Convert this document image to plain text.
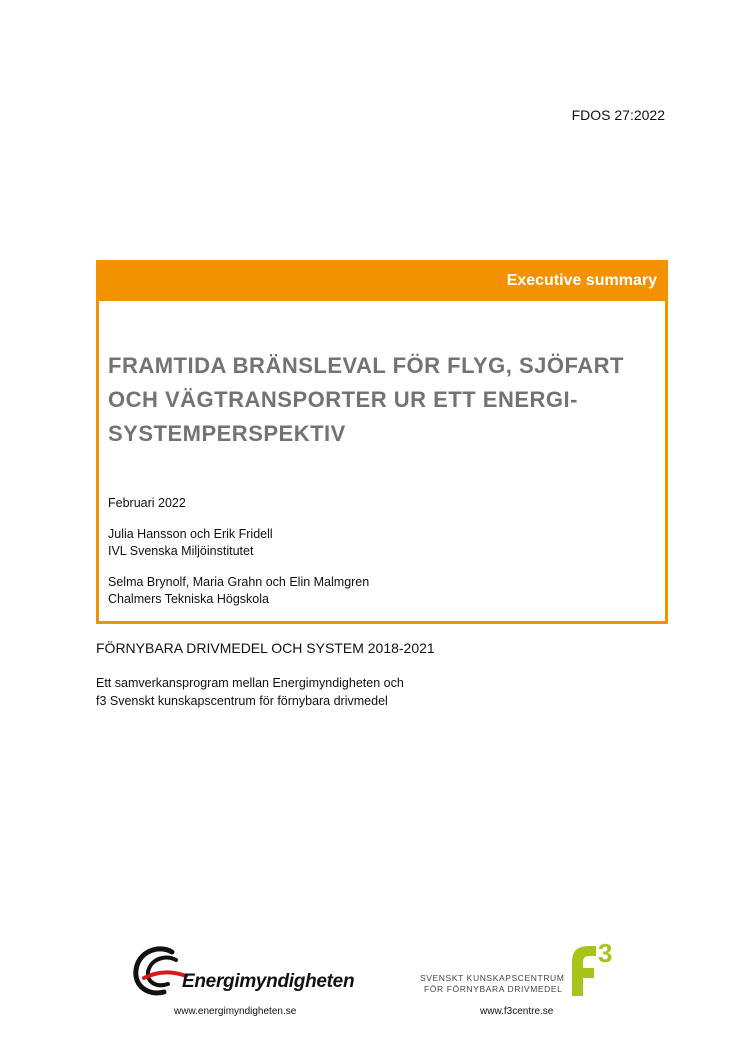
FDOS 27:2022
Executive summary
FRAMTIDA BRÄNSLEVAL FÖR FLYG, SJÖFART
OCH VÄGTRANSPORTER UR ETT ENERGI-
SYSTEMPERSPEKTIV
Februari 2022
Julia Hansson och Erik Fridell
IVL Svenska Miljöinstitutet
Selma Brynolf, Maria Grahn och Elin Malmgren
Chalmers Tekniska Högskola
FÖRNYBARA DRIVMEDEL OCH SYSTEM 2018-2021
Ett samverkansprogram mellan Energimyndigheten och
f3 Svenskt kunskapscentrum för förnybara drivmedel
Energimyndigheten
www.energimyndigheten.se
SVENSKT KUNSKAPSCENTRUM
FÖR FÖRNYBARA DRIVMEDEL
3
www.f3centre.se
